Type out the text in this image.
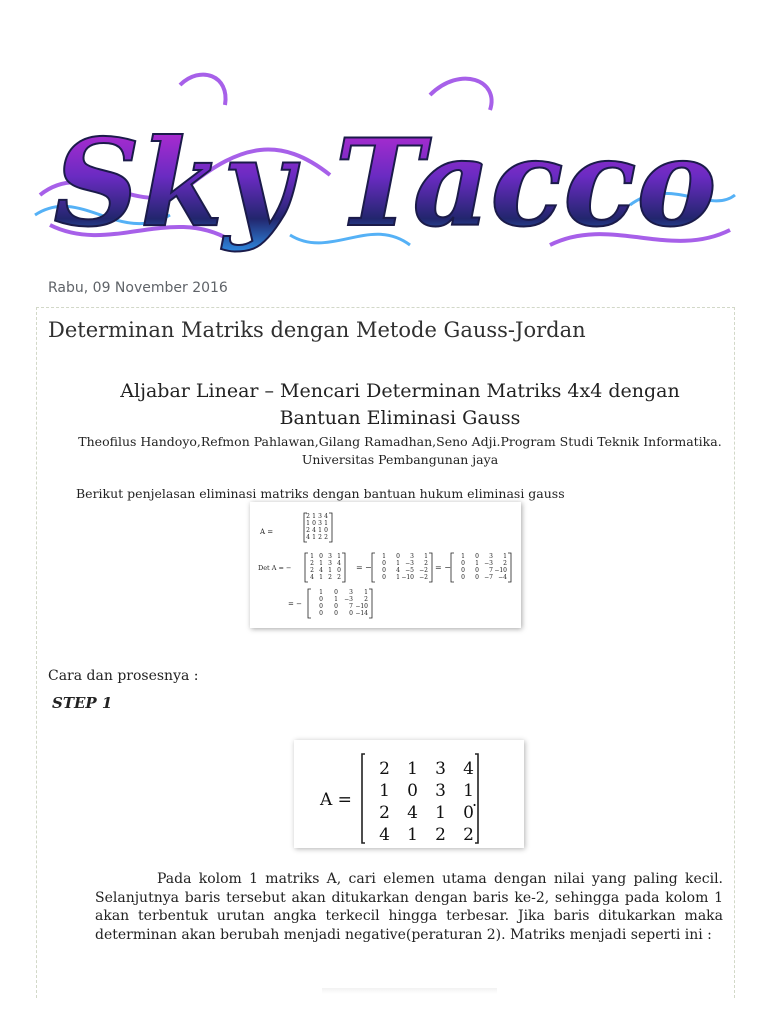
Sky Tacco
Rabu, 09 November 2016
Determinan Matriks dengan Metode Gauss-Jordan
Aljabar Linear – Mencari Determinan Matriks 4x4 dengan Bantuan Eliminasi Gauss
Theofilus Handoyo,Refmon Pahlawan,Gilang Ramadhan,Seno Adji.Program Studi Teknik Informatika. Universitas Pembangunan jaya
Berikut penjelasan eliminasi matriks dengan bantuan hukum eliminasi gauss
A =
2 1 3 4
1 0 3 1
2 4 1 0
4 1 2 2
Det A = −
1 0 3 1
2 1 3 4
2 4 1 0
4 1 2 2
= −
1 0 3 1
0 1 −3 2
0 4 −5 −2
0 1 −10 −2
= −
1 0 3 1
0 1 −3 2
0 0 7 −10
0 0 −7 −4
= −
1 0 3 1
0 1 −3 2
0 0 7 −10
0 0 0 −14
Cara dan prosesnya :
STEP 1
A =
2 1 3 4
1 0 3 1
2 4 1 0
4 1 2 2
.

Pada kolom 1 matriks A, cari elemen utama dengan nilai yang paling kecil. Selanjutnya baris tersebut akan ditukarkan dengan baris ke-2, sehingga pada kolom 1 akan terbentuk urutan angka terkecil hingga terbesar. Jika baris ditukarkan maka determinan akan berubah menjadi negative(peraturan 2). Matriks menjadi seperti ini :
